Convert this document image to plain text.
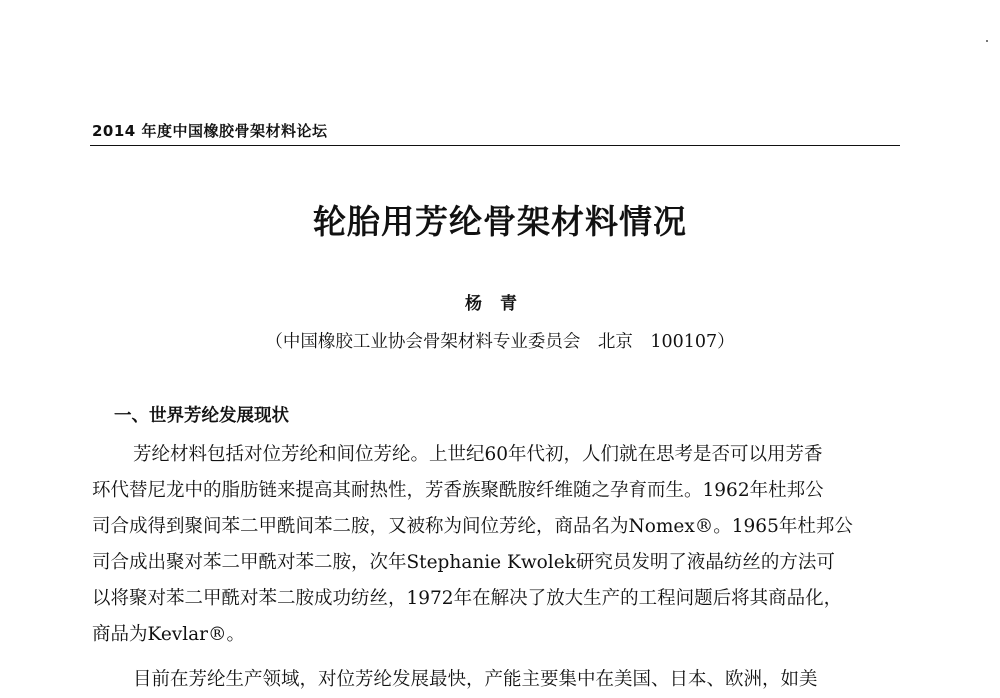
2014 年度中国橡胶骨架材料论坛
轮胎用芳纶骨架材料情况
杨青
（中国橡胶工业协会骨架材料专业委员会　北京　100107）
一、世界芳纶发展现状
芳纶材料包括对位芳纶和间位芳纶。上世纪60年代初，人们就在思考是否可以用芳香
环代替尼龙中的脂肪链来提高其耐热性，芳香族聚酰胺纤维随之孕育而生。1962年杜邦公
司合成得到聚间苯二甲酰间苯二胺，又被称为间位芳纶，商品名为Nomex®。1965年杜邦公
司合成出聚对苯二甲酰对苯二胺，次年Stephanie Kwolek研究员发明了液晶纺丝的方法可
以将聚对苯二甲酰对苯二胺成功纺丝，1972年在解决了放大生产的工程问题后将其商品化，
商品为Kevlar®。
目前在芳纶生产领域，对位芳纶发展最快，产能主要集中在美国、日本、欧洲，如美
